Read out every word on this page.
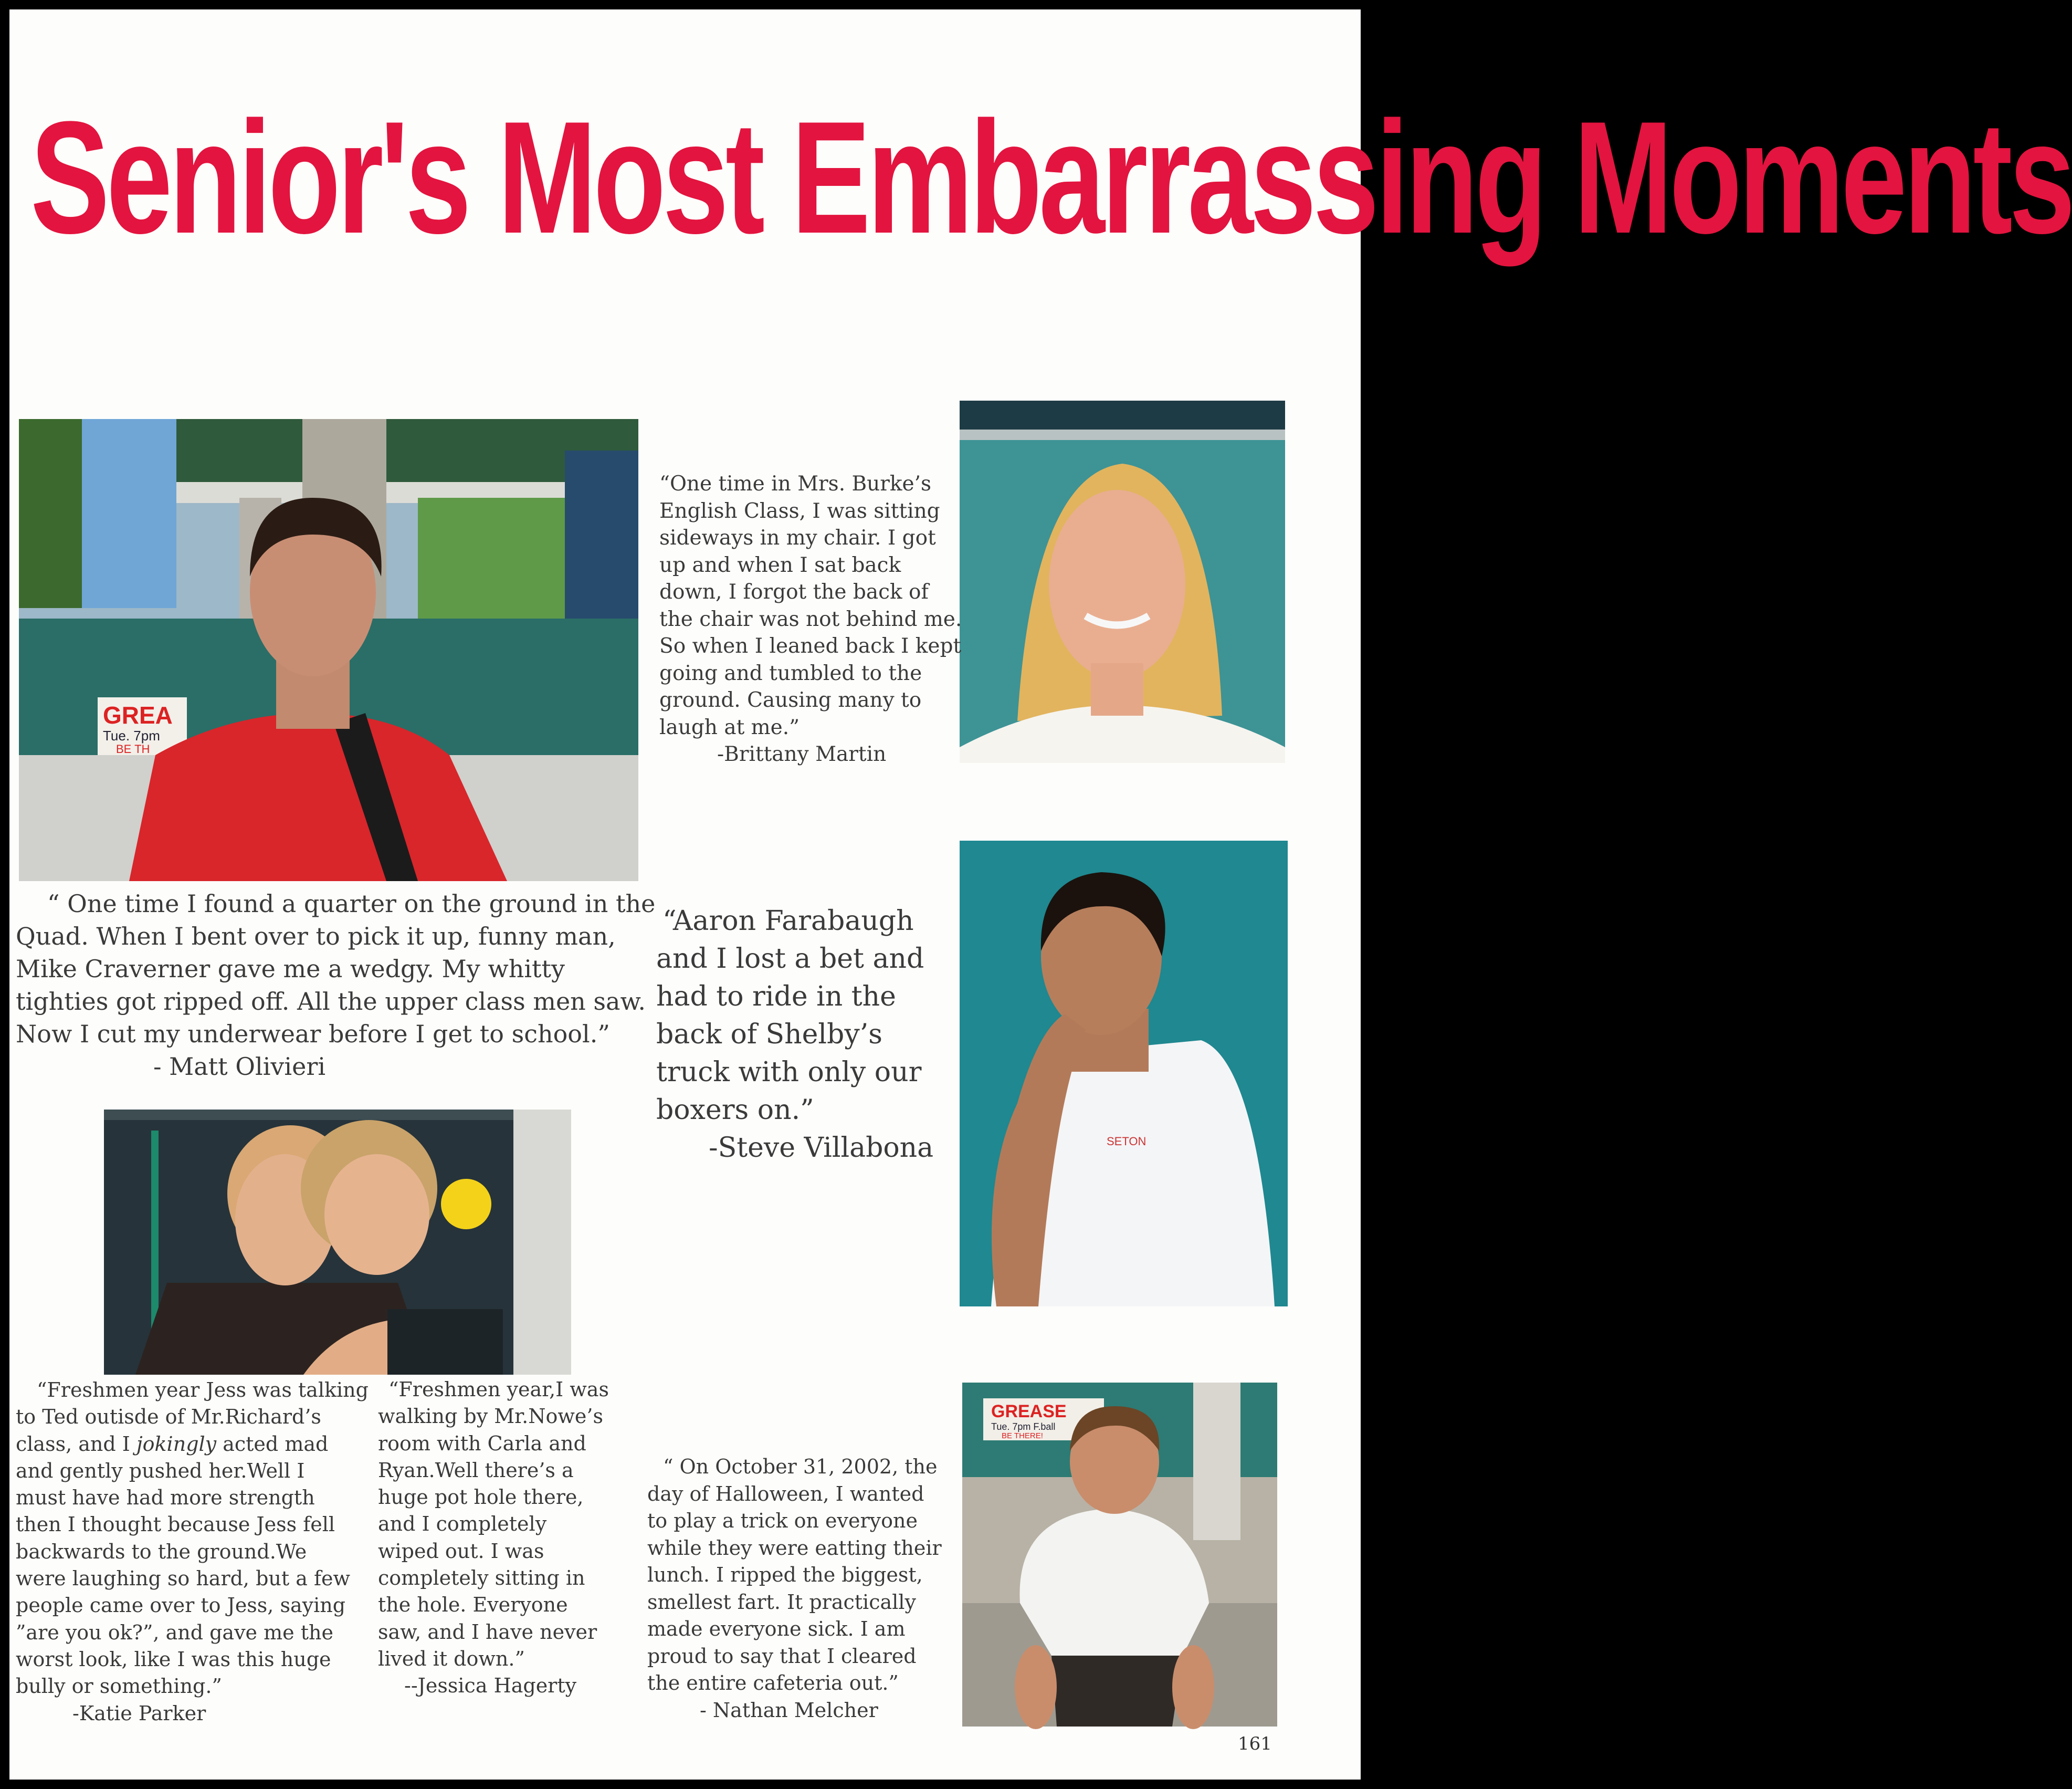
Senior's Most Embarrassing Moments
GREA
Tue. 7pm
BE TH
SETON
GREASE
Tue. 7pm F.ball
BE THERE!
“One time in Mrs. Burke’s
English Class, I was sitting
sideways in my chair. I got
up and when I sat back
down, I forgot the back of
the chair was not behind me.
So when I leaned back I kept
going and tumbled to the
ground. Causing many to
laugh at me.”
-Brittany Martin
“ One time I found a quarter on the ground in the
Quad. When I bent over to pick it up, funny man,
Mike Craverner gave me a wedgy. My whitty
tighties got ripped off. All the upper class men saw.
Now I cut my underwear before I get to school.”
- Matt Olivieri
“Aaron Farabaugh
and I lost a bet and
had to ride in the
back of Shelby’s
truck with only our
boxers on.”
-Steve Villabona
“Freshmen year Jess was talking
to Ted outisde of Mr.Richard’s
class, and I jokingly acted mad
and gently pushed her.Well I
must have had more strength
then I thought because Jess fell
backwards to the ground.We
were laughing so hard, but a few
people came over to Jess, saying
”are you ok?”, and gave me the
worst look, like I was this huge
bully or something.”
-Katie Parker
“Freshmen year,I was
walking by Mr.Nowe’s
room with Carla and
Ryan.Well there’s a
huge pot hole there,
and I completely
wiped out. I was
completely sitting in
the hole. Everyone
saw, and I have never
lived it down.”
--Jessica Hagerty
“ On October 31, 2002, the
day of Halloween, I wanted
to play a trick on everyone
while they were eatting their
lunch. I ripped the biggest,
smellest fart. It practically
made everyone sick. I am
proud to say that I cleared
the entire cafeteria out.”
- Nathan Melcher
161
